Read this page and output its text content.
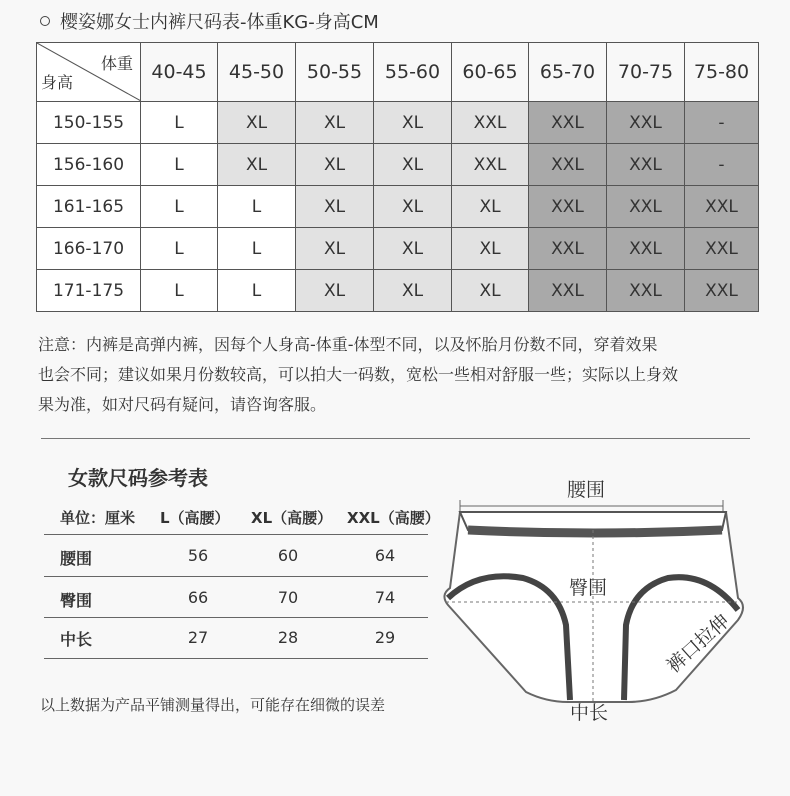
樱姿娜女士内裤尺码表-体重KG-身高CM
体重
身高	40-45	45-50	50-55	55-60	60-65	65-70	70-75	75-80
150-155	L	XL	XL	XL	XXL	XXL	XXL	-
156-160	L	XL	XL	XL	XXL	XXL	XXL	-
161-165	L	L	XL	XL	XL	XXL	XXL	XXL
166-170	L	L	XL	XL	XL	XXL	XXL	XXL
171-175	L	L	XL	XL	XL	XXL	XXL	XXL
注意：内裤是高弹内裤，因每个人身高-体重-体型不同，以及怀胎月份数不同，穿着效果
也会不同；建议如果月份数较高，可以拍大一码数，宽松一些相对舒服一些；实际以上身效
果为准，如对尺码有疑问，请咨询客服。
女款尺码参考表
单位：厘米 L（高腰） XL（高腰） XXL（高腰）
腰围	56	60	64
臀围	66	70	74
中长	27	28	29
以上数据为产品平铺测量得出，可能存在细微的误差
腰围
臀围
中长
裤口拉伸
